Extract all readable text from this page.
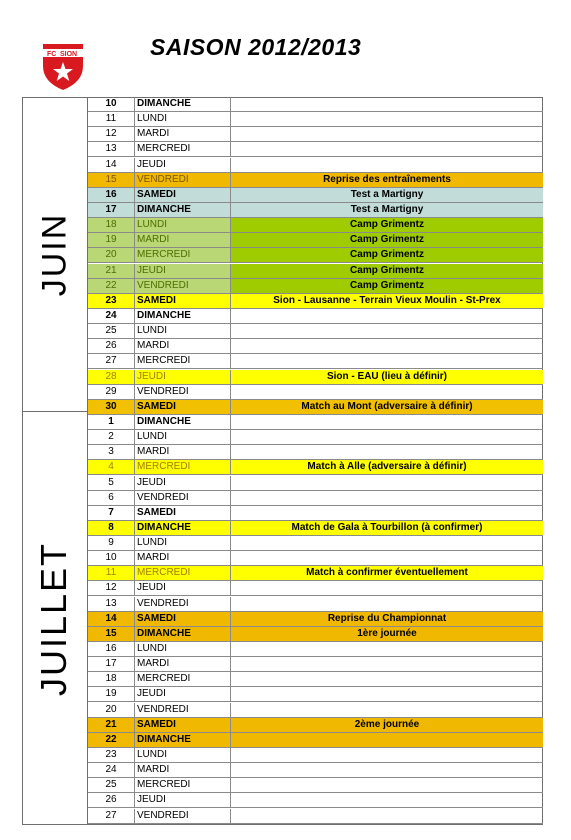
FC SION	SAISON 2012/2013
JUIN
JUILLET
10	DIMANCHE
11	LUNDI
12	MARDI
13	MERCREDI
14	JEUDI
15	VENDREDI	Reprise des entraînements
16	SAMEDI	Test a Martigny
17	DIMANCHE	Test a Martigny
18	LUNDI	Camp Grimentz
19	MARDI	Camp Grimentz
20	MERCREDI	Camp Grimentz
21	JEUDI	Camp Grimentz
22	VENDREDI	Camp Grimentz
23	SAMEDI	Sion - Lausanne - Terrain Vieux Moulin - St-Prex
24	DIMANCHE
25	LUNDI
26	MARDI
27	MERCREDI
28	JEUDI	Sion - EAU (lieu à définir)
29	VENDREDI
30	SAMEDI	Match au Mont (adversaire à définir)
1	DIMANCHE
2	LUNDI
3	MARDI
4	MERCREDI	Match à Alle (adversaire à définir)
5	JEUDI
6	VENDREDI
7	SAMEDI
8	DIMANCHE	Match de Gala à Tourbillon (à confirmer)
9	LUNDI
10	MARDI
11	MERCREDI	Match à confirmer éventuellement
12	JEUDI
13	VENDREDI
14	SAMEDI	Reprise du Championnat
15	DIMANCHE	1ère journée
16	LUNDI
17	MARDI
18	MERCREDI
19	JEUDI
20	VENDREDI
21	SAMEDI	2ème journée
22	DIMANCHE
23	LUNDI
24	MARDI
25	MERCREDI
26	JEUDI
27	VENDREDI
